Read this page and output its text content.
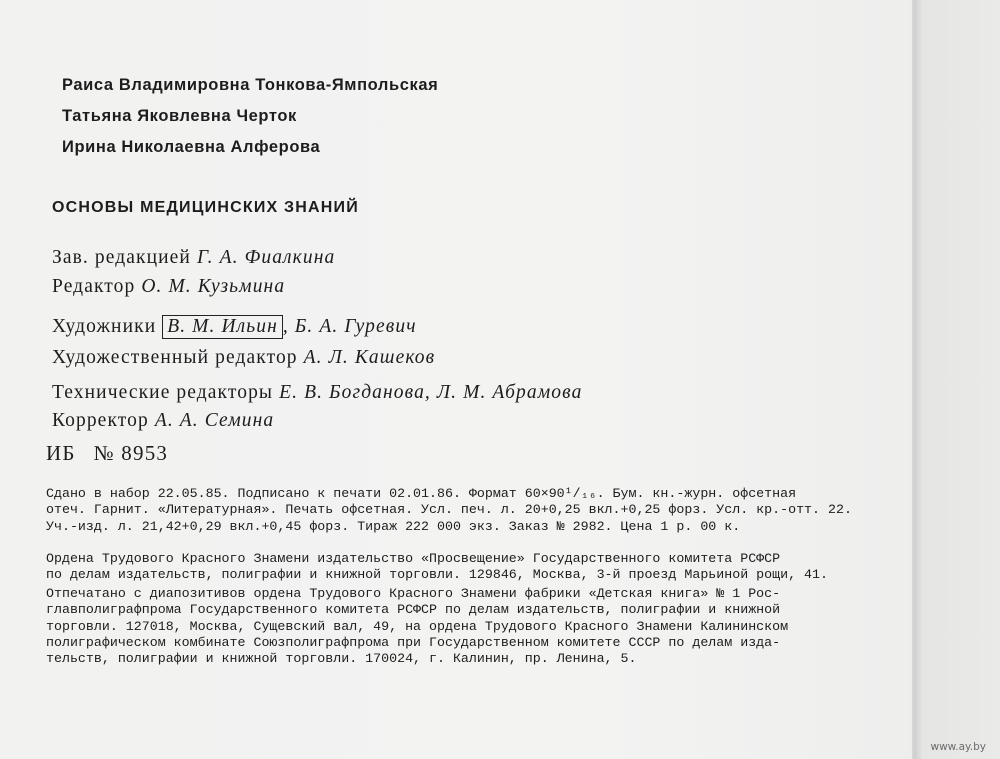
Раиса Владимировна Тонкова-Ямпольская
Татьяна Яковлевна Черток
Ирина Николаевна Алферова
ОСНОВЫ МЕДИЦИНСКИХ ЗНАНИЙ
Зав. редакцией Г. А. Фиалкина
Редактор О. М. Кузьмина
Художники В. М. Ильин , Б. А. Гуревич
Художественный редактор А. Л. Кашеков
Технические редакторы Е. В. Богданова, Л. М. Абрамова
Корректор А. А. Семина
ИБ № 8953
Сдано в набор 22.05.85. Подписано к печати 02.01.86. Формат 60×90¹/₁₆. Бум. кн.-журн. офсетная
отеч. Гарнит. «Литературная». Печать офсетная. Усл. печ. л. 20+0,25 вкл.+0,25 форз. Усл. кр.-отт. 22.
Уч.-изд. л. 21,42+0,29 вкл.+0,45 форз. Тираж 222 000 экз. Заказ № 2982. Цена 1 р. 00 к.
Ордена Трудового Красного Знамени издательство «Просвещение» Государственного комитета РСФСР
по делам издательств, полиграфии и книжной торговли. 129846, Москва, 3-й проезд Марьиной рощи, 41.
Отпечатано с диапозитивов ордена Трудового Красного Знамени фабрики «Детская книга» № 1 Рос-
главполиграфпрома Государственного комитета РСФСР по делам издательств, полиграфии и книжной
торговли. 127018, Москва, Сущевский вал, 49, на ордена Трудового Красного Знамени Калининском
полиграфическом комбинате Союзполиграфпрома при Государственном комитете СССР по делам изда-
тельств, полиграфии и книжной торговли. 170024, г. Калинин, пр. Ленина, 5.
www.ay.by
